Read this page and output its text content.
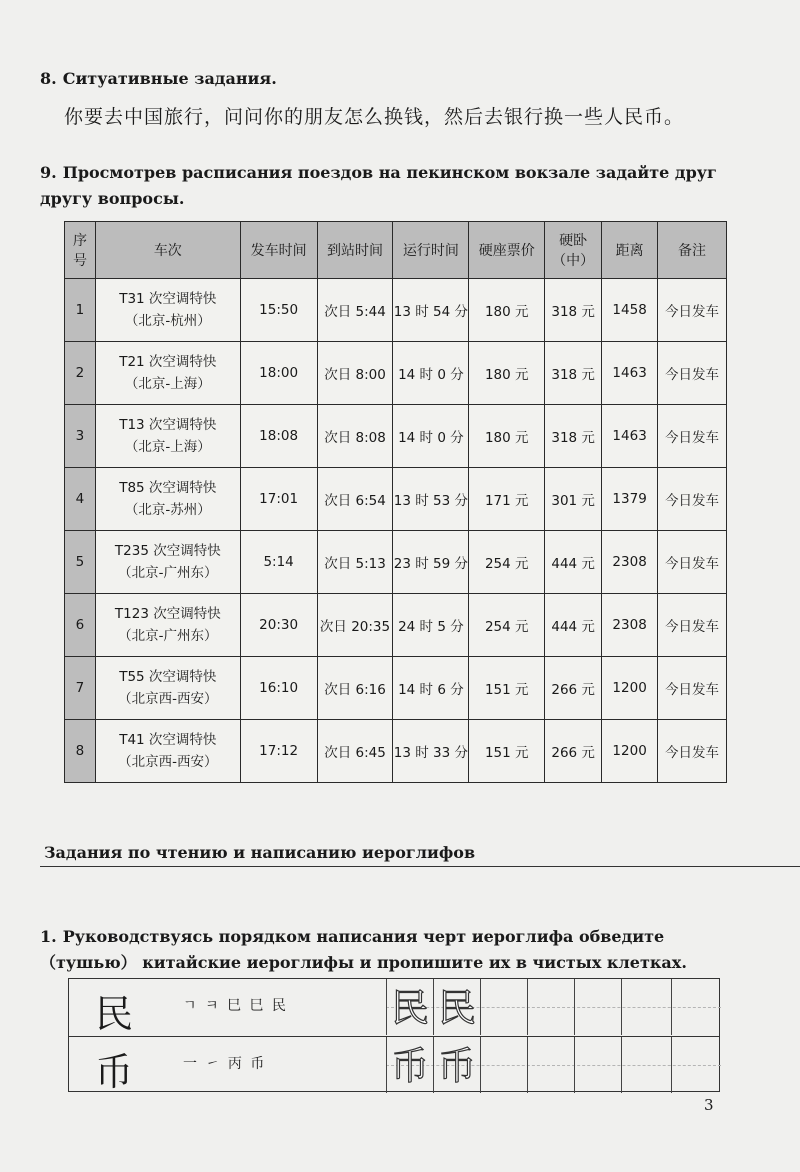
8. Ситуативные задания.
你要去中国旅行，问问你的朋友怎么换钱，然后去银行换一些人民币。
9. Просмотрев расписания поездов на пекинском вокзале задайте друг другу вопросы.
序
号	车次	发车时间	到站时间	运行时间	硬座票价	硬卧
（中）	距离	备注
1	T31 次空调特快
（北京-杭州）	15:50	次日 5:44	13 时 54 分	180 元	318 元	1458	今日发车
2	T21 次空调特快
（北京-上海）	18:00	次日 8:00	14 时 0 分	180 元	318 元	1463	今日发车
3	T13 次空调特快
（北京-上海）	18:08	次日 8:08	14 时 0 分	180 元	318 元	1463	今日发车
4	T85 次空调特快
（北京-苏州）	17:01	次日 6:54	13 时 53 分	171 元	301 元	1379	今日发车
5	T235 次空调特快
（北京-广州东）	5:14	次日 5:13	23 时 59 分	254 元	444 元	2308	今日发车
6	T123 次空调特快
（北京-广州东）	20:30	次日 20:35	24 时 5 分	254 元	444 元	2308	今日发车
7	T55 次空调特快
（北京西-西安）	16:10	次日 6:16	14 时 6 分	151 元	266 元	1200	今日发车
8	T41 次空调特快
（北京西-西安）	17:12	次日 6:45	13 时 33 分	151 元	266 元	1200	今日发车
Задания по чтению и написанию иероглифов
1. Руководствуясь порядком написания черт иероглифа обведите （тушью） китайские иероглифы и пропишите их в чистых клетках.
民	ㄱ ㅋ 巳 巳 民	民 民
币	一 ㇀ 丙 币	币 币
3
